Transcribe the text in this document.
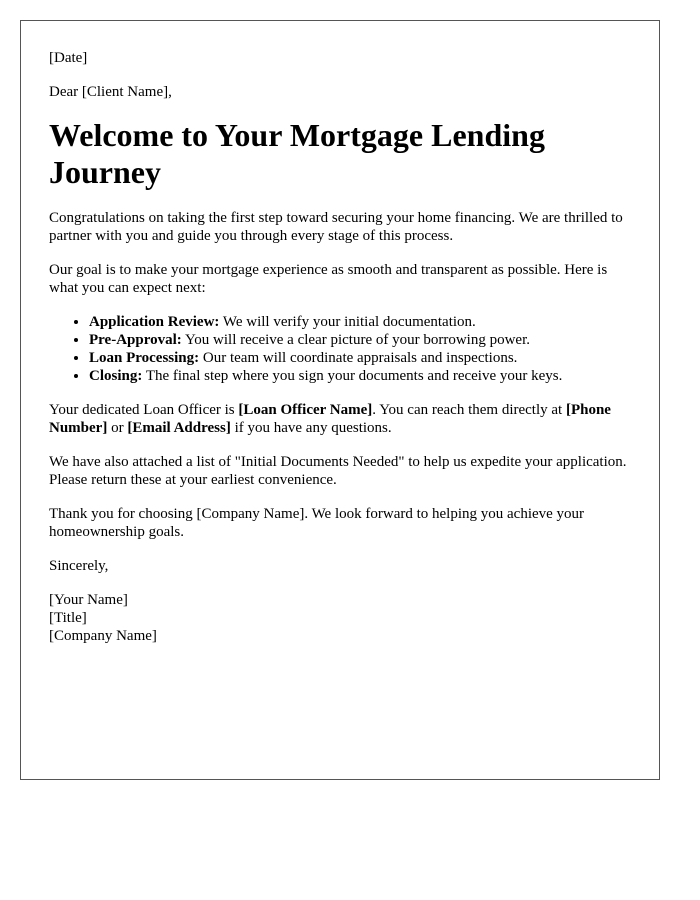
[Date]

Dear [Client Name],

Welcome to Your Mortgage Lending Journey

Congratulations on taking the first step toward securing your home financing. We are thrilled to partner with you and guide you through every stage of this process.

Our goal is to make your mortgage experience as smooth and transparent as possible. Here is what you can expect next:

• Application Review: We will verify your initial documentation.
• Pre-Approval: You will receive a clear picture of your borrowing power.
• Loan Processing: Our team will coordinate appraisals and inspections.
• Closing: The final step where you sign your documents and receive your keys.

Your dedicated Loan Officer is [Loan Officer Name]. You can reach them directly at [Phone Number] or [Email Address] if you have any questions.

We have also attached a list of "Initial Documents Needed" to help us expedite your application. Please return these at your earliest convenience.

Thank you for choosing [Company Name]. We look forward to helping you achieve your homeownership goals.

Sincerely,

[Your Name]
[Title]
[Company Name]
